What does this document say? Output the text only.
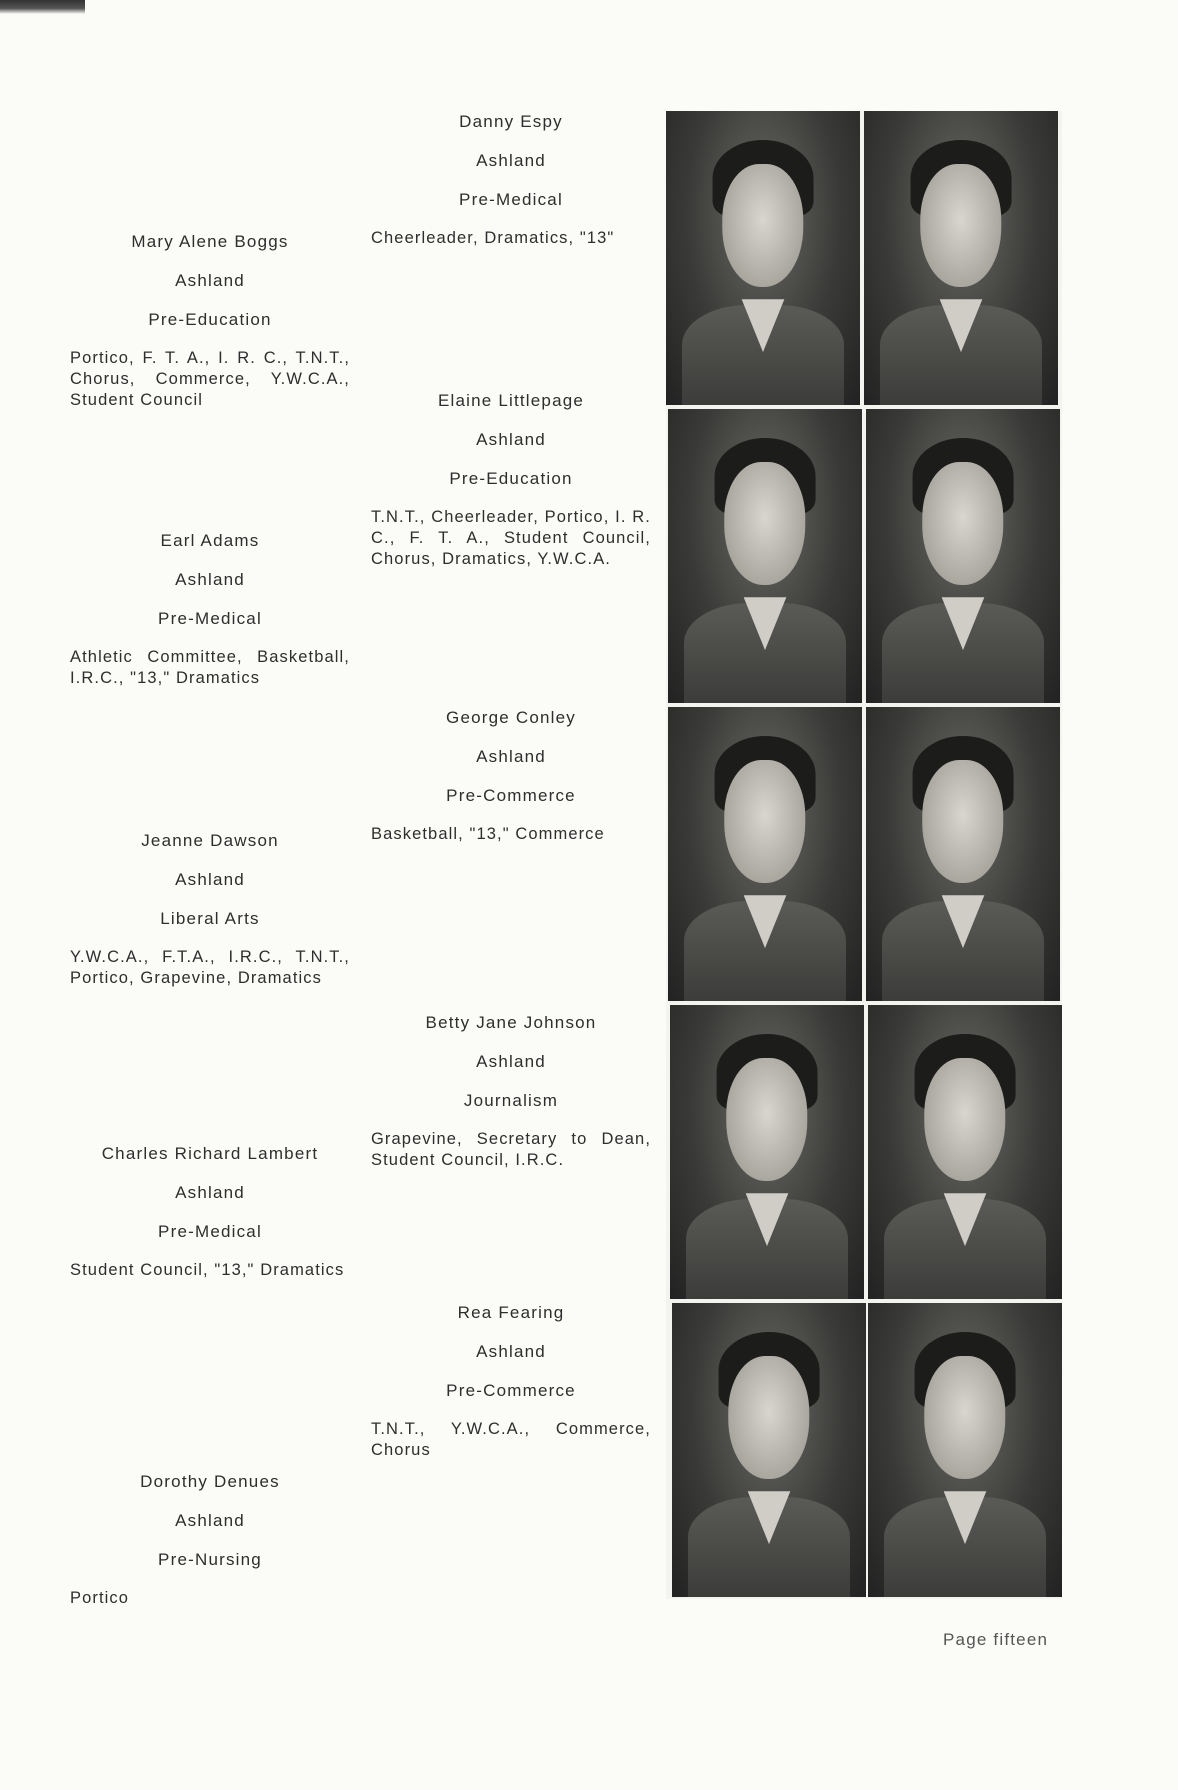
Danny Espy
Ashland
Pre-Medical
Cheerleader, Dramatics, "13"
Mary Alene Boggs
Ashland
Pre-Education
Portico, F. T. A., I. R. C., T.N.T., Chorus, Commerce, Y.W.C.A., Student Council	Elaine Littlepage
Ashland
Pre-Education
T.N.T., Cheerleader, Portico, I. R. C., F. T. A., Student Council, Chorus, Dramatics, Y.W.C.A.
Earl Adams
Ashland
Pre-Medical
Athletic Committee, Basketball, I.R.C., "13," Dramatics
George Conley
Ashland
Pre-Commerce
Basketball, "13," Commerce
Jeanne Dawson
Ashland
Liberal Arts
Y.W.C.A., F.T.A., I.R.C., T.N.T., Portico, Grapevine, Dramatics
Betty Jane Johnson
Ashland
Journalism
Grapevine, Secretary to Dean, Student Council, I.R.C.
Charles Richard Lambert
Ashland
Pre-Medical
Student Council, "13," Dramatics
Rea Fearing
Ashland
Pre-Commerce
T.N.T., Y.W.C.A., Commerce, Chorus
Dorothy Denues
Ashland
Pre-Nursing
Portico
Page fifteen
